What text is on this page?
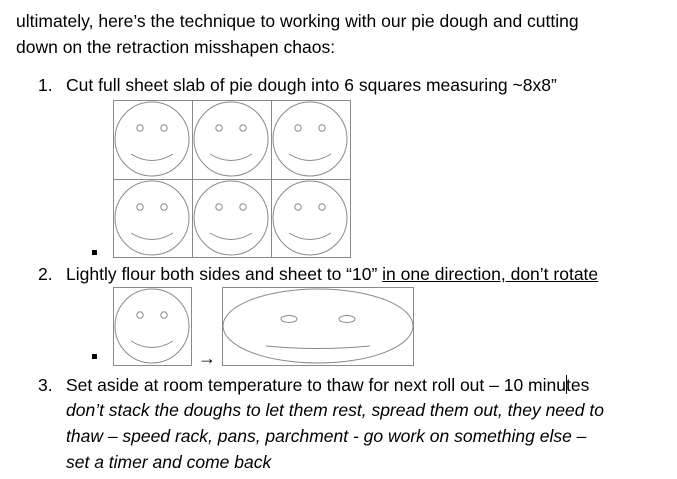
ultimately, here’s the technique to working with our pie dough and cutting
down on the retraction misshapen chaos:
1. Cut full sheet slab of pie dough into 6 squares measuring ~8x8”
2. Lightly flour both sides and sheet to “10” in one direction, don’t rotate
→
3. Set aside at room temperature to thaw for next roll out – 10 minutes
don’t stack the doughs to let them rest, spread them out, they need to
thaw – speed rack, pans, parchment - go work on something else –
set a timer and come back
